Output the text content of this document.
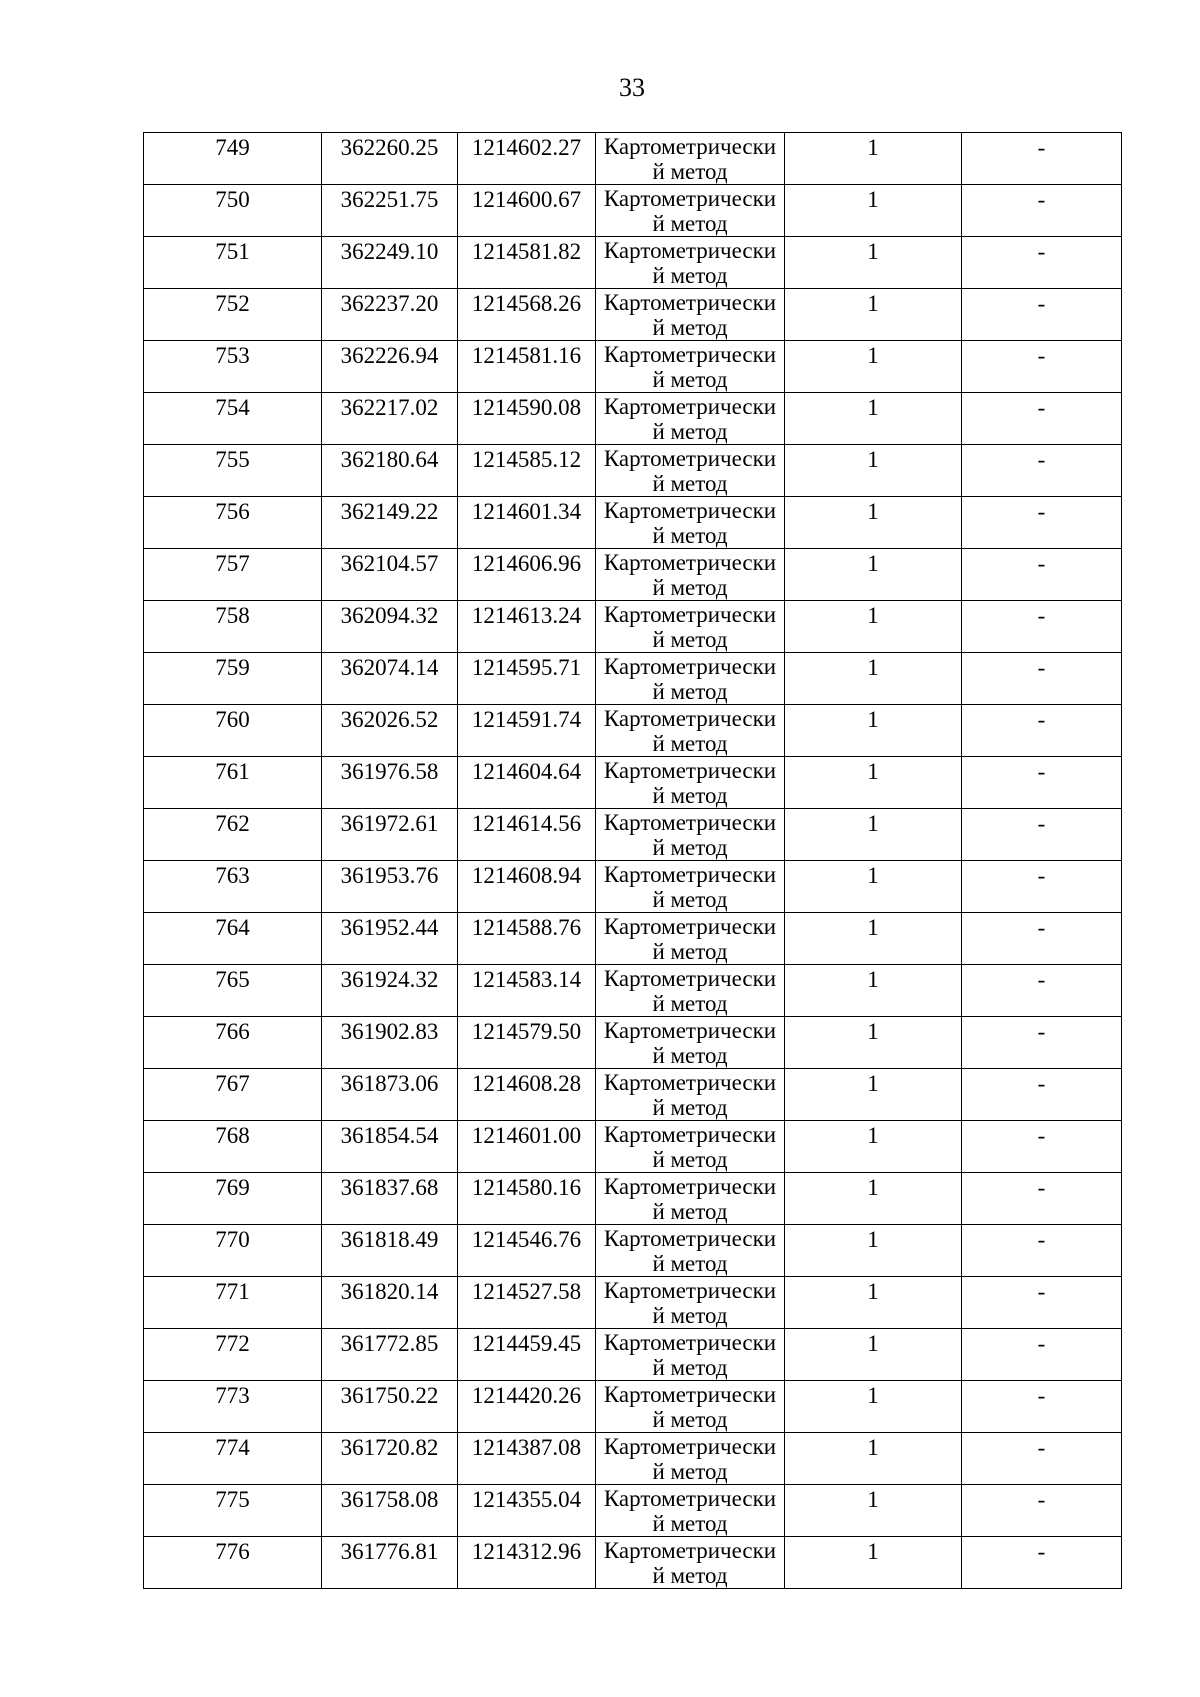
33
749	362260.25	1214602.27	Картометрически
й метод	1	-

750	362251.75	1214600.67	Картометрически
й метод	1	-

751	362249.10	1214581.82	Картометрически
й метод	1	-

752	362237.20	1214568.26	Картометрически
й метод	1	-

753	362226.94	1214581.16	Картометрически
й метод	1	-

754	362217.02	1214590.08	Картометрически
й метод	1	-

755	362180.64	1214585.12	Картометрически
й метод	1	-

756	362149.22	1214601.34	Картометрически
й метод	1	-

757	362104.57	1214606.96	Картометрически
й метод	1	-

758	362094.32	1214613.24	Картометрически
й метод	1	-

759	362074.14	1214595.71	Картометрически
й метод	1	-

760	362026.52	1214591.74	Картометрически
й метод	1	-

761	361976.58	1214604.64	Картометрически
й метод	1	-

762	361972.61	1214614.56	Картометрически
й метод	1	-

763	361953.76	1214608.94	Картометрически
й метод	1	-

764	361952.44	1214588.76	Картометрически
й метод	1	-

765	361924.32	1214583.14	Картометрически
й метод	1	-

766	361902.83	1214579.50	Картометрически
й метод	1	-

767	361873.06	1214608.28	Картометрически
й метод	1	-

768	361854.54	1214601.00	Картометрически
й метод	1	-

769	361837.68	1214580.16	Картометрически
й метод	1	-

770	361818.49	1214546.76	Картометрически
й метод	1	-

771	361820.14	1214527.58	Картометрически
й метод	1	-

772	361772.85	1214459.45	Картометрически
й метод	1	-

773	361750.22	1214420.26	Картометрически
й метод	1	-

774	361720.82	1214387.08	Картометрически
й метод	1	-

775	361758.08	1214355.04	Картометрически
й метод	1	-

776	361776.81	1214312.96	Картометрически
й метод	1	-
